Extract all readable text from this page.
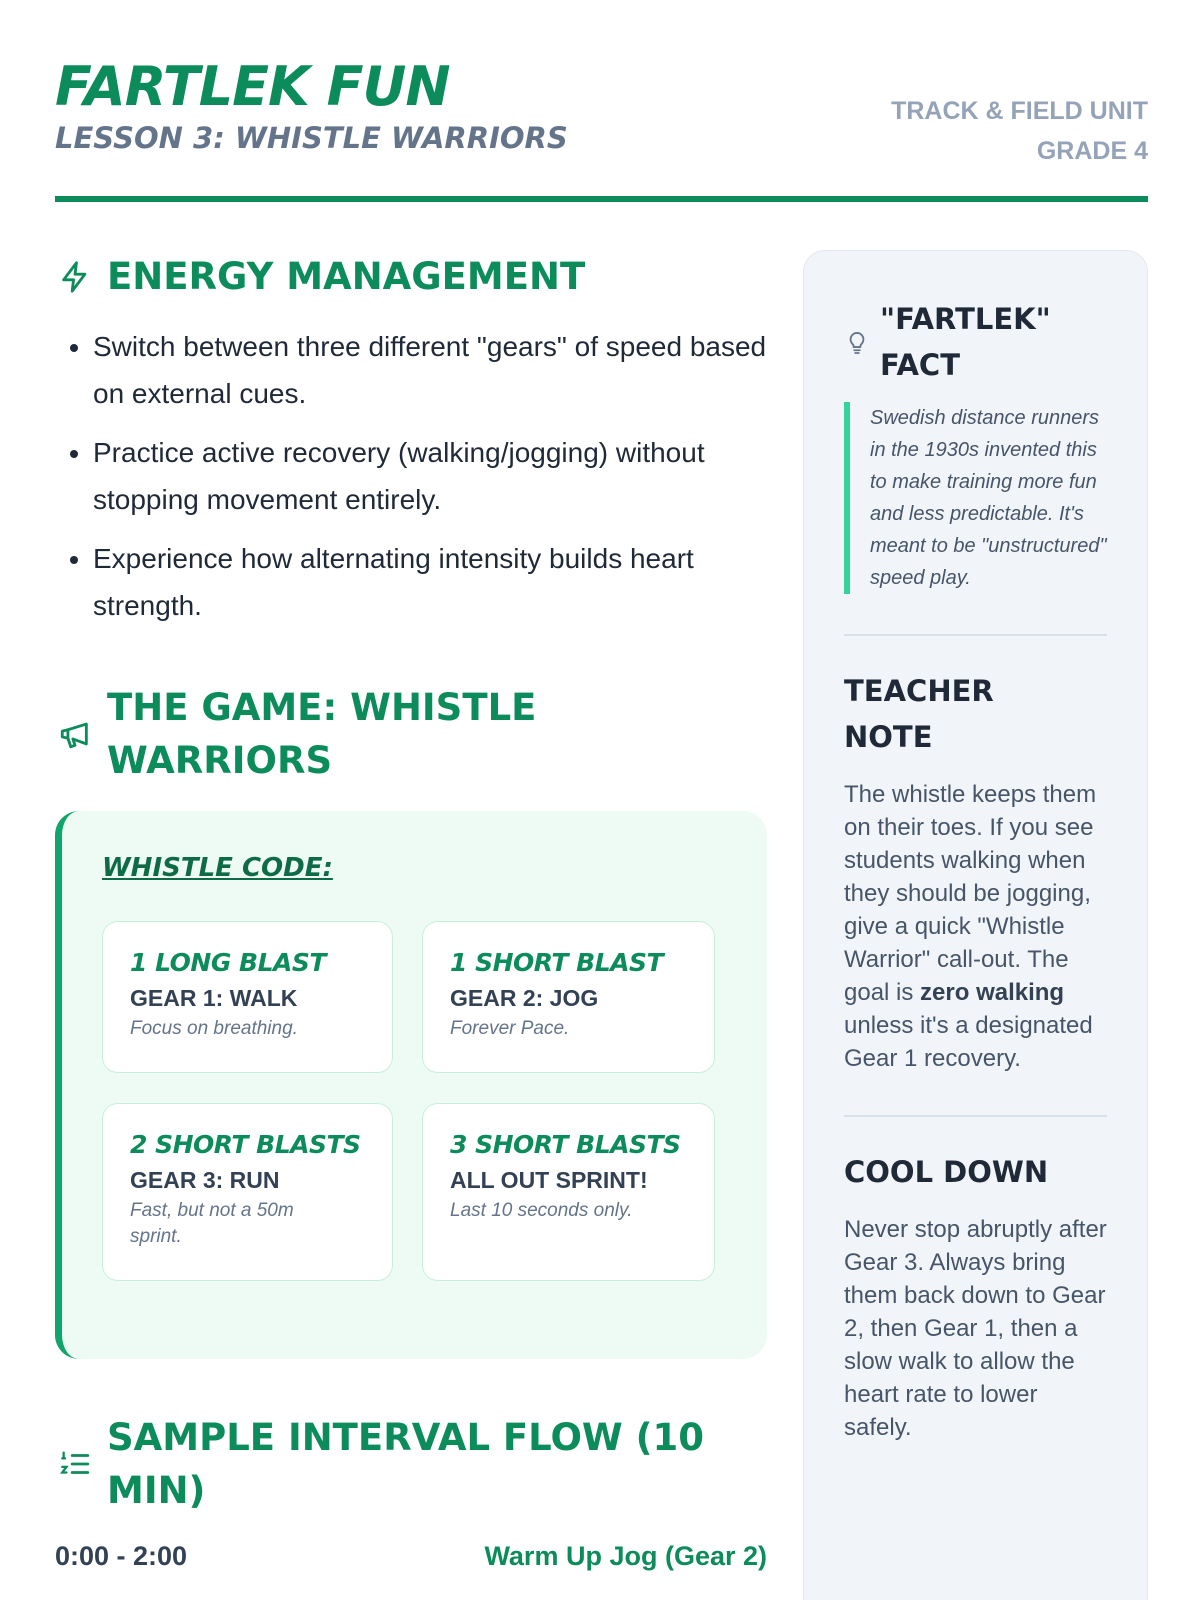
FARTLEK FUN
LESSON 3: WHISTLE WARRIORS
TRACK & FIELD UNIT
GRADE 4
ENERGY MANAGEMENT
• Switch between three different "gears" of speed based on external cues.
• Practice active recovery (walking/jogging) without stopping movement entirely.
• Experience how alternating intensity builds heart strength.
THE GAME: WHISTLE WARRIORS
WHISTLE CODE:
1 LONG BLAST
GEAR 1: WALK
Focus on breathing.
1 SHORT BLAST
GEAR 2: JOG
Forever Pace.
2 SHORT BLASTS
GEAR 3: RUN
Fast, but not a 50m sprint.
3 SHORT BLASTS
ALL OUT SPRINT!
Last 10 seconds only.
SAMPLE INTERVAL FLOW (10 MIN)
0:00 - 2:00	Warm Up Jog (Gear 2)
"FARTLEK" FACT
Swedish distance runners in the 1930s invented this to make training more fun and less predictable. It's meant to be "unstructured" speed play.
TEACHER NOTE
The whistle keeps them on their toes. If you see students walking when they should be jogging, give a quick "Whistle Warrior" call-out. The goal is zero walking unless it's a designated Gear 1 recovery.
COOL DOWN
Never stop abruptly after Gear 3. Always bring them back down to Gear 2, then Gear 1, then a slow walk to allow the heart rate to lower safely.
